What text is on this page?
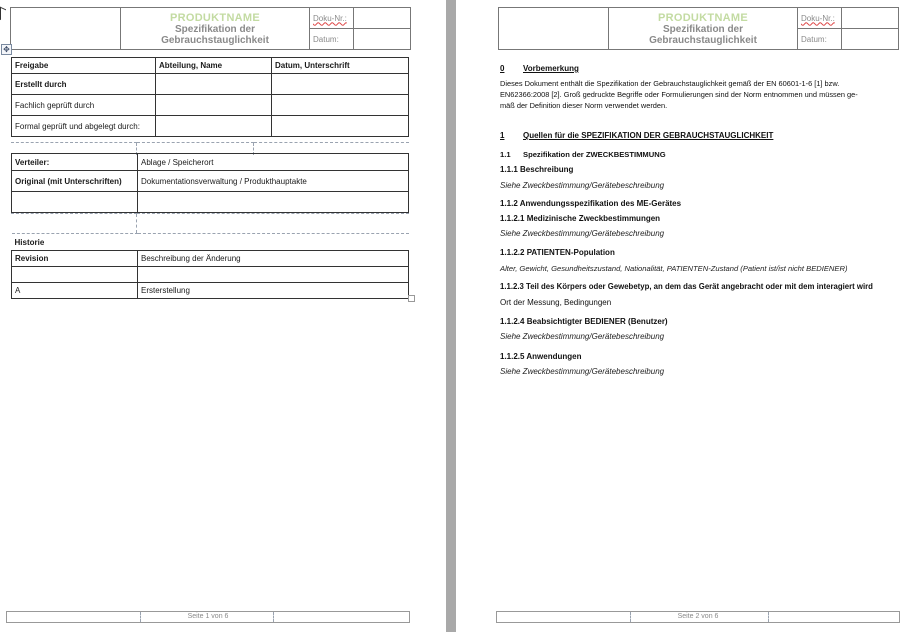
	PRODUKTNAME
Spezifikation der Gebrauchstauglichkeit	Doku-Nr.:	
		Datum:	
✥
Freigabe	Abteilung, Name	Datum, Unterschrift
Erstellt durch		
Fachlich geprüft durch		
Formal geprüft und abgelegt durch:		

Verteiler:	Ablage / Speicherort
Original (mit Unterschriften)	Dokumentationsverwaltung / Produkthauptakte

Historie	
Revision	Beschreibung der Änderung

A	Ersterstellung
Seite 1 von 6

	PRODUKTNAME
Spezifikation der Gebrauchstauglichkeit	Doku-Nr.:	
		Datum:	

0	Vorbemerkung

Dieses Dokument enthält die Spezifikation der Gebrauchstauglichkeit gemäß der EN 60601-1-6 [1] bzw.
EN62366:2008 [2]. Groß gedruckte Begriffe oder Formulierungen sind der Norm entnommen und müssen ge-
mäß der Definition dieser Norm verwendet werden.

1	Quellen für die SPEZIFIKATION DER GEBRAUCHSTAUGLICHKEIT

1.1	Spezifikation der ZWECKBESTIMMUNG

1.1.1 Beschreibung

Siehe Zweckbestimmung/Gerätebeschreibung

1.1.2 Anwendungsspezifikation des ME-Gerätes

1.1.2.1 Medizinische Zweckbestimmungen

Siehe Zweckbestimmung/Gerätebeschreibung

1.1.2.2 PATIENTEN-Population

Alter, Gewicht, Gesundheitszustand, Nationalität, PATIENTEN-Zustand (Patient ist/ist nicht BEDIENER)

1.1.2.3 Teil des Körpers oder Gewebetyp, an dem das Gerät angebracht oder mit dem interagiert wird

Ort der Messung, Bedingungen

1.1.2.4 Beabsichtigter BEDIENER (Benutzer)

Siehe Zweckbestimmung/Gerätebeschreibung

1.1.2.5 Anwendungen

Siehe Zweckbestimmung/Gerätebeschreibung

Seite 2 von 6
